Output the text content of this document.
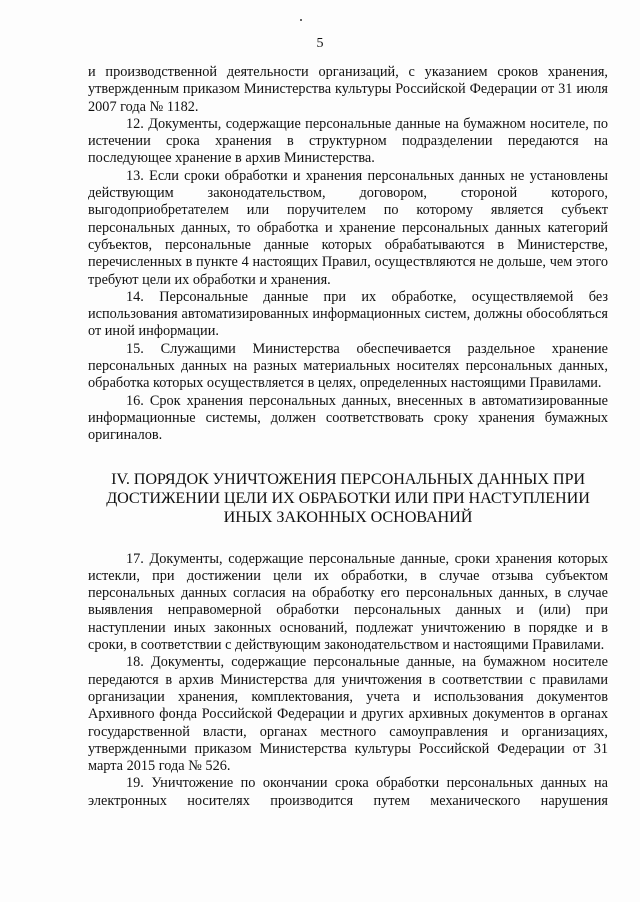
5

и производственной деятельности организаций, с указанием сроков хранения, утвержденным приказом Министерства культуры Российской Федерации от 31 июля 2007 года № 1182.

12. Документы, содержащие персональные данные на бумажном носителе, по истечении срока хранения в структурном подразделении передаются на последующее хранение в архив Министерства.

13. Если сроки обработки и хранения персональных данных не установлены действующим законодательством, договором, стороной которого, выгодоприобретателем или поручителем по которому является субъект персональных данных, то обработка и хранение персональных данных категорий субъектов, персональные данные которых обрабатываются в Министерстве, перечисленных в пункте 4 настоящих Правил, осуществляются не дольше, чем этого требуют цели их обработки и хранения.

14. Персональные данные при их обработке, осуществляемой без использования автоматизированных информационных систем, должны обособляться от иной информации.

15. Служащими Министерства обеспечивается раздельное хранение персональных данных на разных материальных носителях персональных данных, обработка которых осуществляется в целях, определенных настоящими Правилами.

16. Срок хранения персональных данных, внесенных в автоматизированные информационные системы, должен соответствовать сроку хранения бумажных оригиналов.

IV. ПОРЯДОК УНИЧТОЖЕНИЯ ПЕРСОНАЛЬНЫХ ДАННЫХ ПРИ ДОСТИЖЕНИИ ЦЕЛИ ИХ ОБРАБОТКИ ИЛИ ПРИ НАСТУПЛЕНИИ ИНЫХ ЗАКОННЫХ ОСНОВАНИЙ

17. Документы, содержащие персональные данные, сроки хранения которых истекли, при достижении цели их обработки, в случае отзыва субъектом персональных данных согласия на обработку его персональных данных, в случае выявления неправомерной обработки персональных данных и (или) при наступлении иных законных оснований, подлежат уничтожению в порядке и в сроки, в соответствии с действующим законодательством и настоящими Правилами.

18. Документы, содержащие персональные данные, на бумажном носителе передаются в архив Министерства для уничтожения в соответствии с правилами организации хранения, комплектования, учета и использования документов Архивного фонда Российской Федерации и других архивных документов в органах государственной власти, органах местного самоуправления и организациях, утвержденными приказом Министерства культуры Российской Федерации от 31 марта 2015 года № 526.

19. Уничтожение по окончании срока обработки персональных данных на электронных носителях производится путем механического нарушения
